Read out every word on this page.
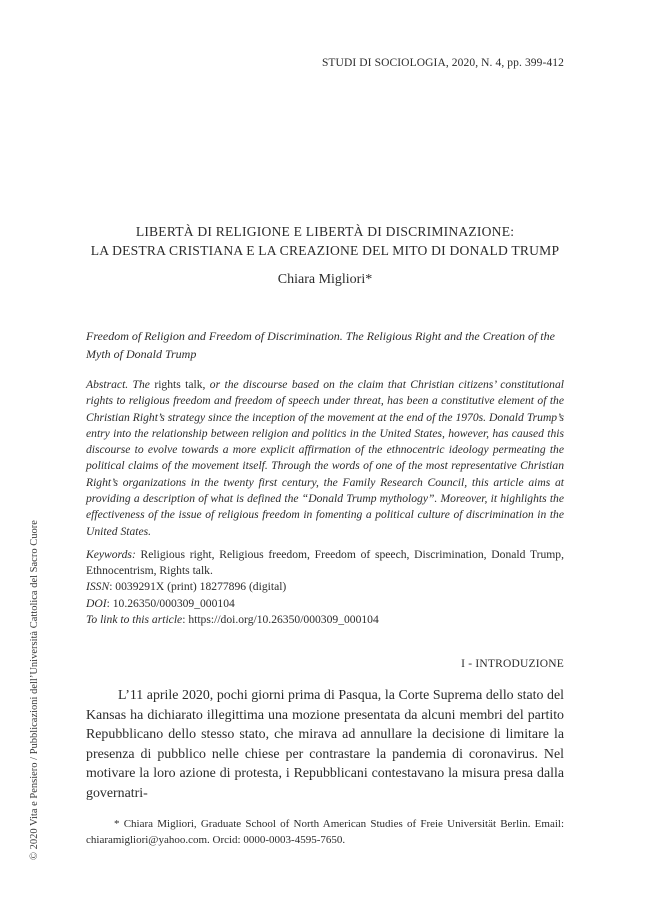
STUDI DI SOCIOLOGIA, 2020, N. 4, pp. 399-412
LIBERTÀ DI RELIGIONE E LIBERTÀ DI DISCRIMINAZIONE:
LA DESTRA CRISTIANA E LA CREAZIONE DEL MITO DI DONALD TRUMP
Chiara Migliori*
Freedom of Religion and Freedom of Discrimination. The Religious Right and the Creation of the Myth of Donald Trump
Abstract. The rights talk, or the discourse based on the claim that Christian citizens’ constitutional rights to religious freedom and freedom of speech under threat, has been a constitutive element of the Christian Right’s strategy since the inception of the movement at the end of the 1970s. Donald Trump’s entry into the relationship between religion and politics in the United States, however, has caused this discourse to evolve towards a more explicit affirmation of the ethnocentric ideology permeating the political claims of the movement itself. Through the words of one of the most representative Christian Right’s organizations in the twenty first century, the Family Research Council, this article aims at providing a description of what is defined the “Donald Trump mythology”. Moreover, it highlights the effectiveness of the issue of religious freedom in fomenting a political culture of discrimination in the United States.

Keywords: Religious right, Religious freedom, Freedom of speech, Discrimination, Donald Trump, Ethnocentrism, Rights talk.

ISSN: 0039291X (print) 18277896 (digital)

DOI: 10.26350/000309_000104

To link to this article: https://doi.org/10.26350/000309_000104

I - INTRODUZIONE

L’11 aprile 2020, pochi giorni prima di Pasqua, la Corte Suprema dello stato del Kansas ha dichiarato illegittima una mozione presentata da alcuni membri del partito Repubblicano dello stesso stato, che mirava ad annullare la decisione di limitare la presenza di pubblico nelle chiese per contrastare la pandemia di coronavirus. Nel motivare la loro azione di protesta, i Repubblicani contestavano la misura presa dalla governatri-

* Chiara Migliori, Graduate School of North American Studies of Freie Universität Berlin. Email: chiaramigliori@yahoo.com. Orcid: 0000-0003-4595-7650.

© 2020 Vita e Pensiero / Pubblicazioni dell’Università Cattolica del Sacro Cuore
